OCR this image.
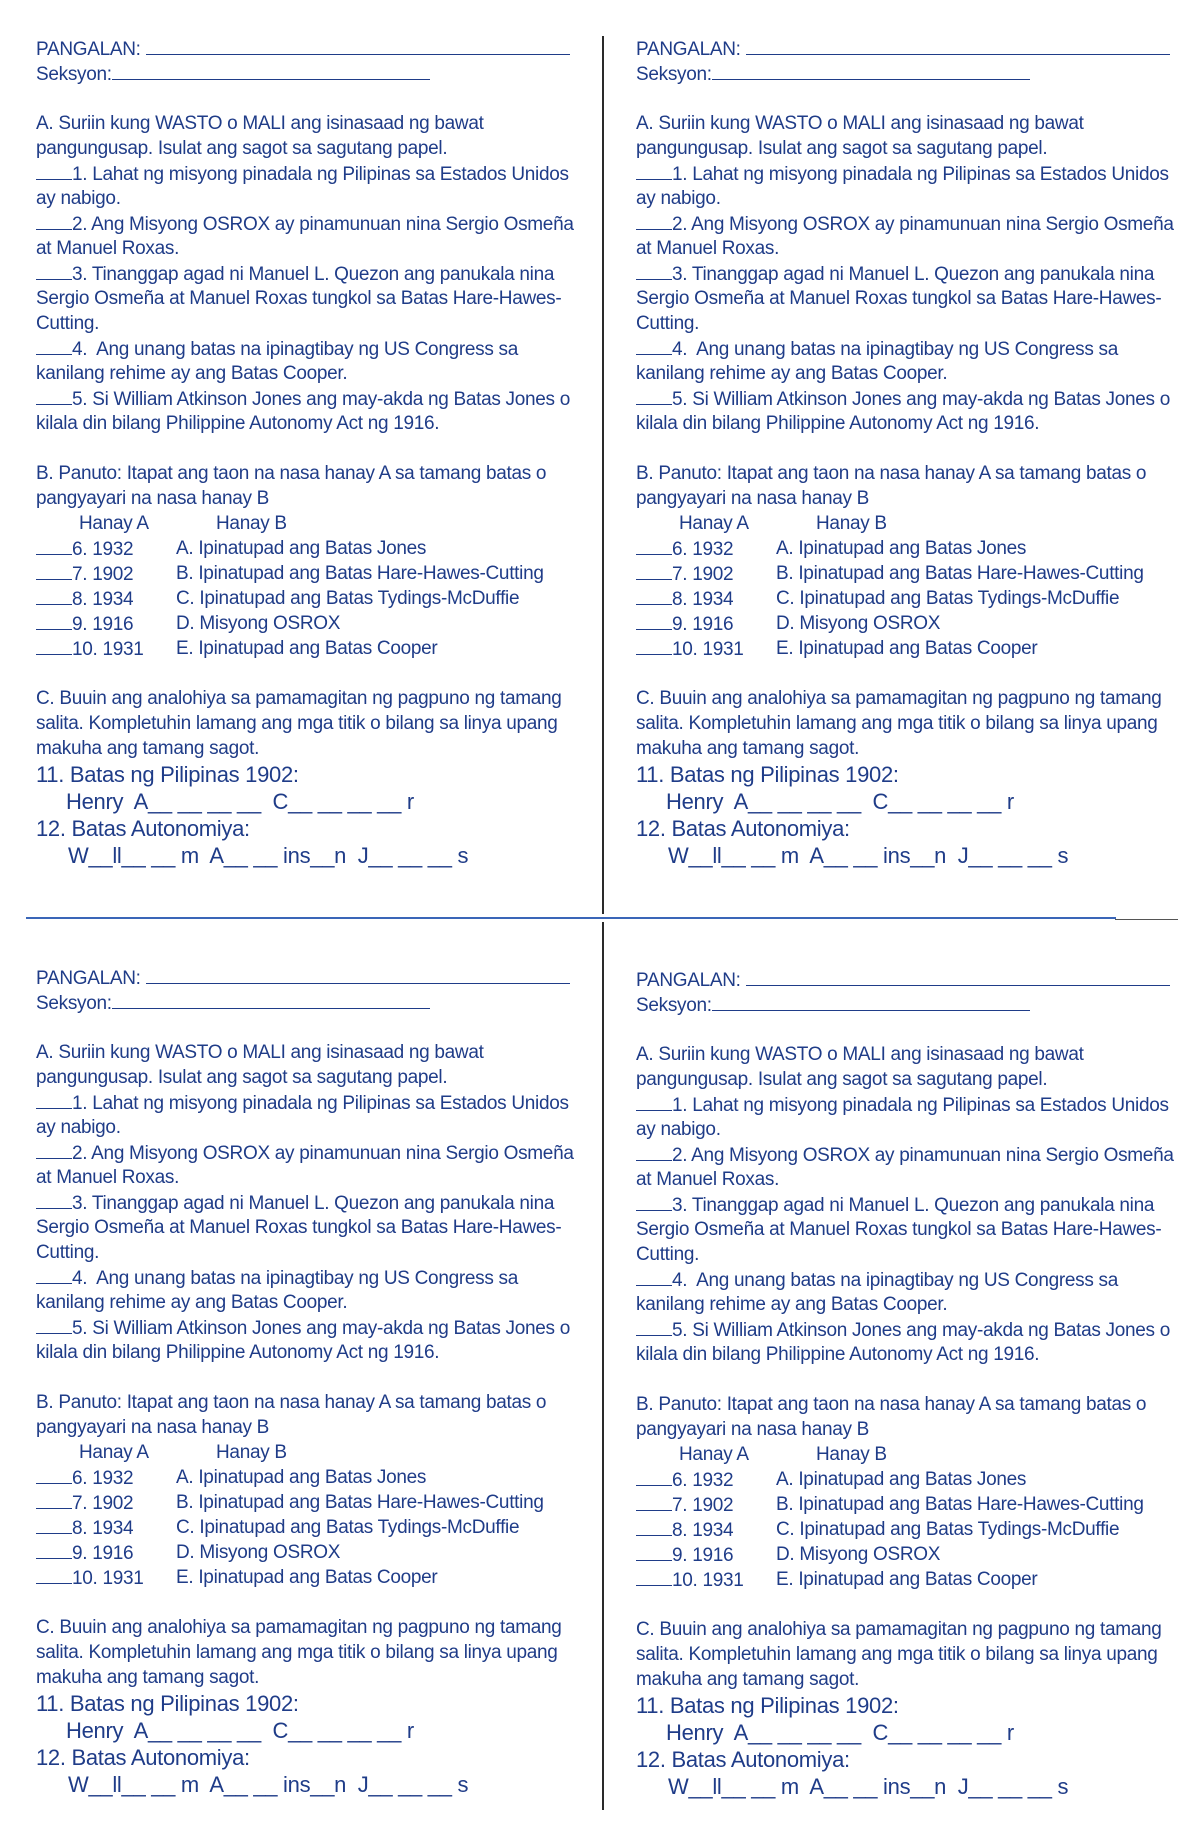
PANGALAN:
Seksyon:
A. Suriin kung WASTO o MALI ang isinasaad ng bawat
pangungusap. Isulat ang sagot sa sagutang papel.
1. Lahat ng misyong pinadala ng Pilipinas sa Estados Unidos
ay nabigo.
2. Ang Misyong OSROX ay pinamunuan nina Sergio Osmeña
at Manuel Roxas.
3. Tinanggap agad ni Manuel L. Quezon ang panukala nina
Sergio Osmeña at Manuel Roxas tungkol sa Batas Hare-Hawes-
Cutting.
4.  Ang unang batas na ipinagtibay ng US Congress sa
kanilang rehime ay ang Batas Cooper.
5. Si William Atkinson Jones ang may-akda ng Batas Jones o
kilala din bilang Philippine Autonomy Act ng 1916.
B. Panuto: Itapat ang taon na nasa hanay A sa tamang batas o
pangyayari na nasa hanay B
Hanay A	Hanay B
6. 1932	A. Ipinatupad ang Batas Jones
7. 1902	B. Ipinatupad ang Batas Hare-Hawes-Cutting
8. 1934	C. Ipinatupad ang Batas Tydings-McDuffie
9. 1916	D. Misyong OSROX
10. 1931	E. Ipinatupad ang Batas Cooper
C. Buuin ang analohiya sa pamamagitan ng pagpuno ng tamang
salita. Kompletuhin lamang ang mga titik o bilang sa linya upang
makuha ang tamang sagot.
11. Batas ng Pilipinas 1902:
Henry  A__ __ __ __  C__ __ __ __ r
12. Batas Autonomiya:
W__ll__ __ m  A__ __ ins__n  J__ __ __ s
PANGALAN:
Seksyon:
A. Suriin kung WASTO o MALI ang isinasaad ng bawat
pangungusap. Isulat ang sagot sa sagutang papel.
1. Lahat ng misyong pinadala ng Pilipinas sa Estados Unidos
ay nabigo.
2. Ang Misyong OSROX ay pinamunuan nina Sergio Osmeña
at Manuel Roxas.
3. Tinanggap agad ni Manuel L. Quezon ang panukala nina
Sergio Osmeña at Manuel Roxas tungkol sa Batas Hare-Hawes-
Cutting.
4.  Ang unang batas na ipinagtibay ng US Congress sa
kanilang rehime ay ang Batas Cooper.
5. Si William Atkinson Jones ang may-akda ng Batas Jones o
kilala din bilang Philippine Autonomy Act ng 1916.
B. Panuto: Itapat ang taon na nasa hanay A sa tamang batas o
pangyayari na nasa hanay B
Hanay A	Hanay B
6. 1932	A. Ipinatupad ang Batas Jones
7. 1902	B. Ipinatupad ang Batas Hare-Hawes-Cutting
8. 1934	C. Ipinatupad ang Batas Tydings-McDuffie
9. 1916	D. Misyong OSROX
10. 1931	E. Ipinatupad ang Batas Cooper
C. Buuin ang analohiya sa pamamagitan ng pagpuno ng tamang
salita. Kompletuhin lamang ang mga titik o bilang sa linya upang
makuha ang tamang sagot.
11. Batas ng Pilipinas 1902:
Henry  A__ __ __ __  C__ __ __ __ r
12. Batas Autonomiya:
W__ll__ __ m  A__ __ ins__n  J__ __ __ s
PANGALAN:
Seksyon:
A. Suriin kung WASTO o MALI ang isinasaad ng bawat
pangungusap. Isulat ang sagot sa sagutang papel.
1. Lahat ng misyong pinadala ng Pilipinas sa Estados Unidos
ay nabigo.
2. Ang Misyong OSROX ay pinamunuan nina Sergio Osmeña
at Manuel Roxas.
3. Tinanggap agad ni Manuel L. Quezon ang panukala nina
Sergio Osmeña at Manuel Roxas tungkol sa Batas Hare-Hawes-
Cutting.
4.  Ang unang batas na ipinagtibay ng US Congress sa
kanilang rehime ay ang Batas Cooper.
5. Si William Atkinson Jones ang may-akda ng Batas Jones o
kilala din bilang Philippine Autonomy Act ng 1916.
B. Panuto: Itapat ang taon na nasa hanay A sa tamang batas o
pangyayari na nasa hanay B
Hanay A	Hanay B
6. 1932	A. Ipinatupad ang Batas Jones
7. 1902	B. Ipinatupad ang Batas Hare-Hawes-Cutting
8. 1934	C. Ipinatupad ang Batas Tydings-McDuffie
9. 1916	D. Misyong OSROX
10. 1931	E. Ipinatupad ang Batas Cooper
C. Buuin ang analohiya sa pamamagitan ng pagpuno ng tamang
salita. Kompletuhin lamang ang mga titik o bilang sa linya upang
makuha ang tamang sagot.
11. Batas ng Pilipinas 1902:
Henry  A__ __ __ __  C__ __ __ __ r
12. Batas Autonomiya:
W__ll__ __ m  A__ __ ins__n  J__ __ __ s
PANGALAN:
Seksyon:
A. Suriin kung WASTO o MALI ang isinasaad ng bawat
pangungusap. Isulat ang sagot sa sagutang papel.
1. Lahat ng misyong pinadala ng Pilipinas sa Estados Unidos
ay nabigo.
2. Ang Misyong OSROX ay pinamunuan nina Sergio Osmeña
at Manuel Roxas.
3. Tinanggap agad ni Manuel L. Quezon ang panukala nina
Sergio Osmeña at Manuel Roxas tungkol sa Batas Hare-Hawes-
Cutting.
4.  Ang unang batas na ipinagtibay ng US Congress sa
kanilang rehime ay ang Batas Cooper.
5. Si William Atkinson Jones ang may-akda ng Batas Jones o
kilala din bilang Philippine Autonomy Act ng 1916.
B. Panuto: Itapat ang taon na nasa hanay A sa tamang batas o
pangyayari na nasa hanay B
Hanay A	Hanay B
6. 1932	A. Ipinatupad ang Batas Jones
7. 1902	B. Ipinatupad ang Batas Hare-Hawes-Cutting
8. 1934	C. Ipinatupad ang Batas Tydings-McDuffie
9. 1916	D. Misyong OSROX
10. 1931	E. Ipinatupad ang Batas Cooper
C. Buuin ang analohiya sa pamamagitan ng pagpuno ng tamang
salita. Kompletuhin lamang ang mga titik o bilang sa linya upang
makuha ang tamang sagot.
11. Batas ng Pilipinas 1902:
Henry  A__ __ __ __  C__ __ __ __ r
12. Batas Autonomiya:
W__ll__ __ m  A__ __ ins__n  J__ __ __ s
